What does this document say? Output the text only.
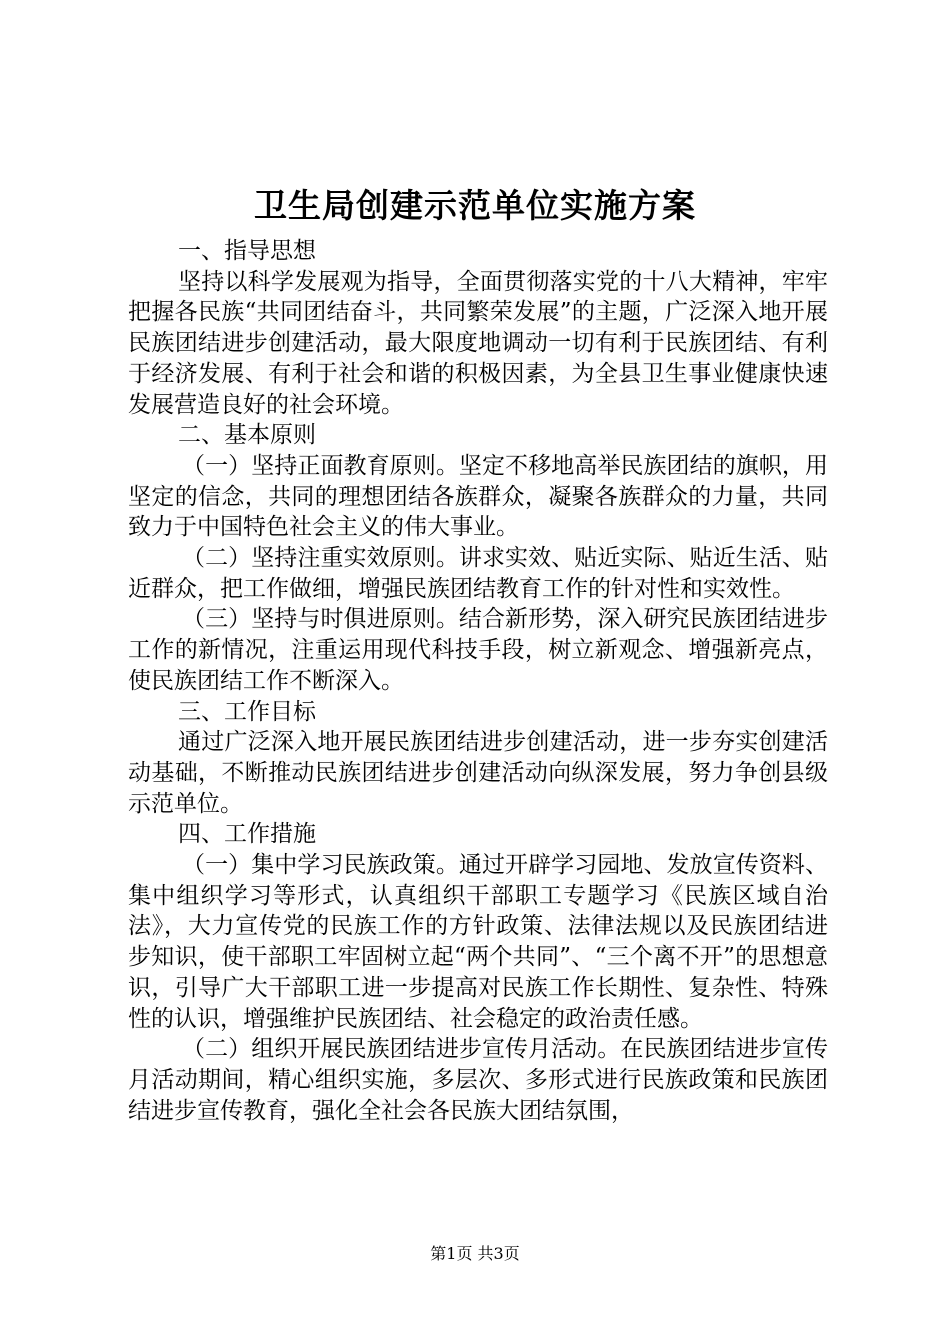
卫生局创建示范单位实施方案

一、指导思想

坚持以科学发展观为指导，全面贯彻落实党的十八大精神，牢牢把握各民族“共同团结奋斗，共同繁荣发展”的主题，广泛深入地开展民族团结进步创建活动，最大限度地调动一切有利于民族团结、有利于经济发展、有利于社会和谐的积极因素，为全县卫生事业健康快速发展营造良好的社会环境。

二、基本原则

（一）坚持正面教育原则。坚定不移地高举民族团结的旗帜，用坚定的信念，共同的理想团结各族群众，凝聚各族群众的力量，共同致力于中国特色社会主义的伟大事业。

（二）坚持注重实效原则。讲求实效、贴近实际、贴近生活、贴近群众，把工作做细，增强民族团结教育工作的针对性和实效性。

（三）坚持与时俱进原则。结合新形势，深入研究民族团结进步工作的新情况，注重运用现代科技手段，树立新观念、增强新亮点，使民族团结工作不断深入。

三、工作目标

通过广泛深入地开展民族团结进步创建活动，进一步夯实创建活动基础，不断推动民族团结进步创建活动向纵深发展，努力争创县级示范单位。

四、工作措施

（一）集中学习民族政策。通过开辟学习园地、发放宣传资料、集中组织学习等形式，认真组织干部职工专题学习《民族区域自治法》，大力宣传党的民族工作的方针政策、法律法规以及民族团结进步知识，使干部职工牢固树立起“两个共同”、“三个离不开”的思想意识，引导广大干部职工进一步提高对民族工作长期性、复杂性、特殊性的认识，增强维护民族团结、社会稳定的政治责任感。

（二）组织开展民族团结进步宣传月活动。在民族团结进步宣传月活动期间，精心组织实施，多层次、多形式进行民族政策和民族团结进步宣传教育，强化全社会各民族大团结氛围，

第1页 共3页
